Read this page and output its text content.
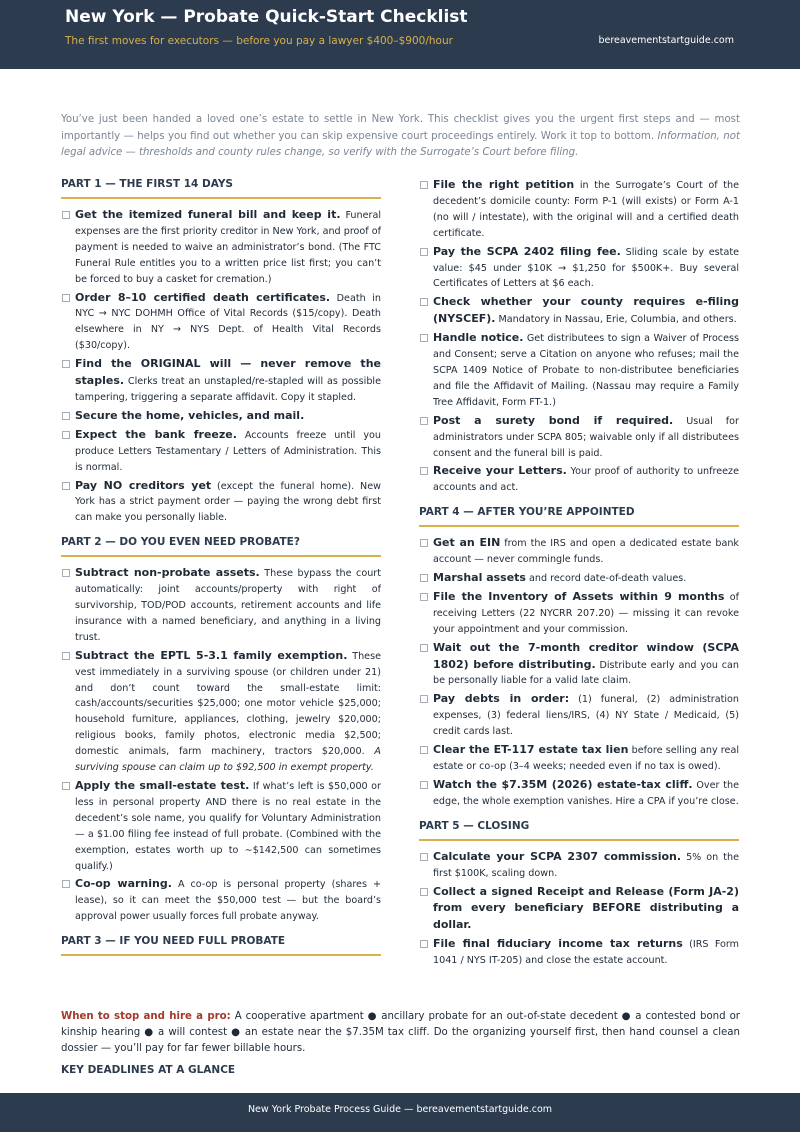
New York — Probate Quick-Start Checklist
The first moves for executors — before you pay a lawyer $400–$900/hour	bereavementstartguide.com
You’ve just been handed a loved one’s estate to settle in New York. This checklist gives you the urgent first steps and — most importantly — helps you find out whether you can skip expensive court proceedings entirely. Work it top to bottom. Information, not legal advice — thresholds and county rules change, so verify with the Surrogate’s Court before filing.
PART 1 — THE FIRST 14 DAYS
Get the itemized funeral bill and keep it. Funeral expenses are the first priority creditor in New York, and proof of payment is needed to waive an administrator’s bond. (The FTC Funeral Rule entitles you to a written price list first; you can’t be forced to buy a casket for cremation.)
Order 8–10 certified death certificates. Death in NYC → NYC DOHMH Office of Vital Records ($15/copy). Death elsewhere in NY → NYS Dept. of Health Vital Records ($30/copy).
Find the ORIGINAL will — never remove the staples. Clerks treat an unstapled/re-stapled will as possible tampering, triggering a separate affidavit. Copy it stapled.
Secure the home, vehicles, and mail.
Expect the bank freeze. Accounts freeze until you produce Letters Testamentary / Letters of Administration. This is normal.
Pay NO creditors yet (except the funeral home). New York has a strict payment order — paying the wrong debt first can make you personally liable.
PART 2 — DO YOU EVEN NEED PROBATE?
Subtract non-probate assets. These bypass the court automatically: joint accounts/property with right of survivorship, TOD/POD accounts, retirement accounts and life insurance with a named beneficiary, and anything in a living trust.
Subtract the EPTL 5-3.1 family exemption. These vest immediately in a surviving spouse (or children under 21) and don’t count toward the small-estate limit: cash/accounts/securities $25,000; one motor vehicle $25,000; household furniture, appliances, clothing, jewelry $20,000; religious books, family photos, electronic media $2,500; domestic animals, farm machinery, tractors $20,000. A surviving spouse can claim up to $92,500 in exempt property.
Apply the small-estate test. If what’s left is $50,000 or less in personal property AND there is no real estate in the decedent’s sole name, you qualify for Voluntary Administration — a $1.00 filing fee instead of full probate. (Combined with the exemption, estates worth up to ∼$142,500 can sometimes qualify.)
Co-op warning. A co-op is personal property (shares + lease), so it can meet the $50,000 test — but the board’s approval power usually forces full probate anyway.
PART 3 — IF YOU NEED FULL PROBATE
File the right petition in the Surrogate’s Court of the decedent’s domicile county: Form P-1 (will exists) or Form A-1 (no will / intestate), with the original will and a certified death certificate.
Pay the SCPA 2402 filing fee. Sliding scale by estate value: $45 under $10K → $1,250 for $500K+. Buy several Certificates of Letters at $6 each.
Check whether your county requires e-filing (NYSCEF). Mandatory in Nassau, Erie, Columbia, and others.
Handle notice. Get distributees to sign a Waiver of Process and Consent; serve a Citation on anyone who refuses; mail the SCPA 1409 Notice of Probate to non-distributee beneficiaries and file the Affidavit of Mailing. (Nassau may require a Family Tree Affidavit, Form FT-1.)
Post a surety bond if required. Usual for administrators under SCPA 805; waivable only if all distributees consent and the funeral bill is paid.
Receive your Letters. Your proof of authority to unfreeze accounts and act.
PART 4 — AFTER YOU’RE APPOINTED
Get an EIN from the IRS and open a dedicated estate bank account — never commingle funds.
Marshal assets and record date-of-death values.
File the Inventory of Assets within 9 months of receiving Letters (22 NYCRR 207.20) — missing it can revoke your appointment and your commission.
Wait out the 7-month creditor window (SCPA 1802) before distributing. Distribute early and you can be personally liable for a valid late claim.
Pay debts in order: (1) funeral, (2) administration expenses, (3) federal liens/IRS, (4) NY State / Medicaid, (5) credit cards last.
Clear the ET-117 estate tax lien before selling any real estate or co-op (3–4 weeks; needed even if no tax is owed).
Watch the $7.35M (2026) estate-tax cliff. Over the edge, the whole exemption vanishes. Hire a CPA if you’re close.
PART 5 — CLOSING
Calculate your SCPA 2307 commission. 5% on the first $100K, scaling down.
Collect a signed Receipt and Release (Form JA-2) from every beneficiary BEFORE distributing a dollar.
File final fiduciary income tax returns (IRS Form 1041 / NYS IT-205) and close the estate account.
When to stop and hire a pro: A cooperative apartment ● ancillary probate for an out-of-state decedent ● a contested bond or kinship hearing ● a will contest ● an estate near the $7.35M tax cliff. Do the organizing yourself first, then hand counsel a clean dossier — you’ll pay for far fewer billable hours.
KEY DEADLINES AT A GLANCE
New York Probate Process Guide — bereavementstartguide.com
